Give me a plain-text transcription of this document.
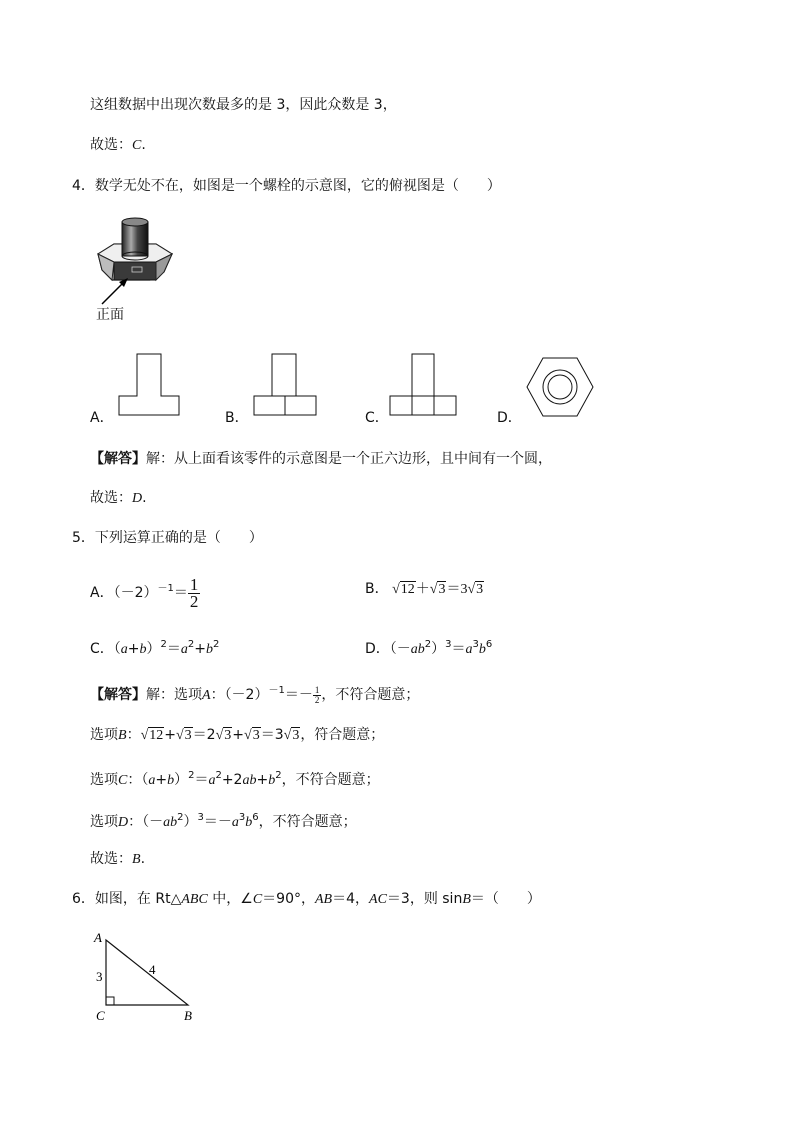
这组数据中出现次数最多的是 3，因此众数是 3，
故选：C.
4．数学无处不在，如图是一个螺栓的示意图，它的俯视图是（　　）
正面
A．	B．	C．	D．
【解答】解：从上面看该零件的示意图是一个正六边形，且中间有一个圆，
故选：D.
5．下列运算正确的是（　　）
A．$(-2)^{-1}= \frac{1}{2}$	B． √12＋√3＝3√3
C．$(a+b)^2=a^2+b^2$	D．$(-ab^2)^3=a^3b^6$
【解答】解：选项A：$(-2)^{-1}=- \frac{1}{2}$ ，不符合题意；
选项B：√12+√3＝2√3+√3＝3√3，符合题意；
选项C：$(a+b)^2=a^2+2ab+b^2$，不符合题意；
选项D：$(-ab^2)^3=-a^3b^6$，不符合题意；
故选：B.
6．如图，在 Rt△ABC 中，∠C＝90°，AB＝4，AC＝3，则 sinB＝（　　）
A
C	B
3	4
